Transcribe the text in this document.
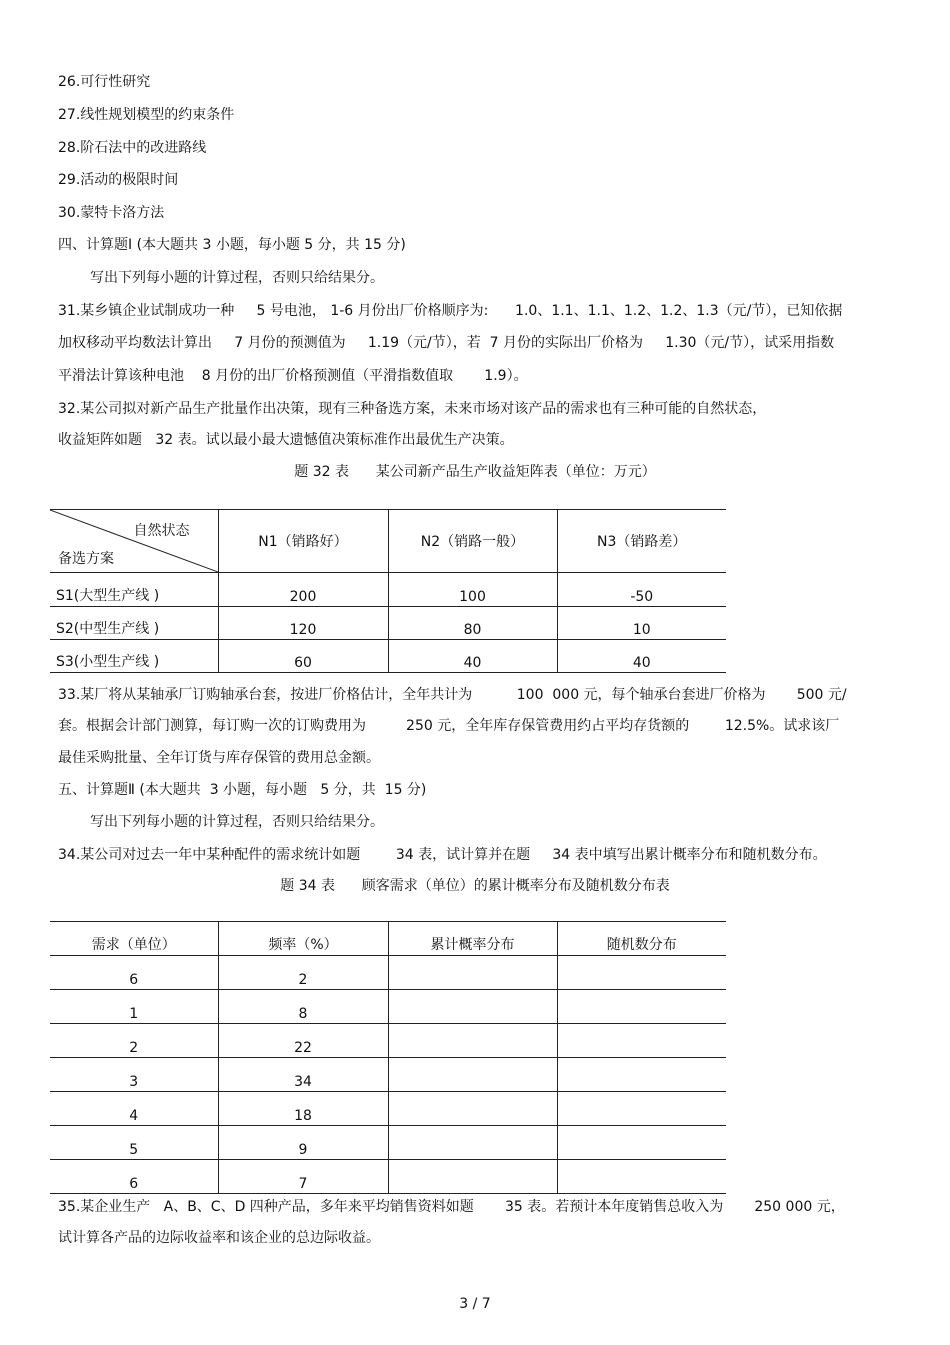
26.可行性研究
27.线性规划模型的约束条件
28.阶石法中的改进路线
29.活动的极限时间
30.蒙特卡洛方法
四、计算题Ⅰ (本大题共 3 小题，每小题 5 分，共 15 分)
写出下列每小题的计算过程，否则只给结果分。
31.某乡镇企业试制成功一种     5 号电池， 1-6 月份出厂价格顺序为:      1.0、1.1、1.1、1.2、1.2、1.3（元/节），已知依据
加权移动平均数法计算出     7 月份的预测值为     1.19（元/节），若  7 月份的实际出厂价格为     1.30（元/节），试采用指数
平滑法计算该种电池    8 月份的出厂价格预测值（平滑指数值取       1.9）。
32.某公司拟对新产品生产批量作出决策，现有三种备选方案，未来市场对该产品的需求也有三种可能的自然状态，
收益矩阵如题   32 表。试以最小最大遗憾值决策标准作出最优生产决策。
题 32 表      某公司新产品生产收益矩阵表（单位：万元）
自然状态
备选方案	N1（销路好）	N2（销路一般）	N3（销路差）
S1(大型生产线 )	200	100	-50
S2(中型生产线 )	120	80	10
S3(小型生产线 )	60	40	40
33.某厂将从某轴承厂订购轴承台套，按进厂价格估计，全年共计为          100  000 元，每个轴承台套进厂价格为       500 元/
套。根据会计部门测算，每订购一次的订购费用为         250 元，全年库存保管费用约占平均存货额的        12.5%。试求该厂
最佳采购批量、全年订货与库存保管的费用总金额。
五、计算题Ⅱ (本大题共  3 小题，每小题   5 分，共  15 分)
写出下列每小题的计算过程，否则只给结果分。
34.某公司对过去一年中某种配件的需求统计如题        34 表，试计算并在题     34 表中填写出累计概率分布和随机数分布。
题 34 表      顾客需求（单位）的累计概率分布及随机数分布表
需求（单位）	频率（%）	累计概率分布	随机数分布
6	2		
1	8		
2	22		
3	34		
4	18		
5	9		
6	7		
35.某企业生产   A、B、C、D 四种产品，多年来平均销售资料如题       35 表。若预计本年度销售总收入为       250 000 元，
试计算各产品的边际收益率和该企业的总边际收益。
3 / 7
